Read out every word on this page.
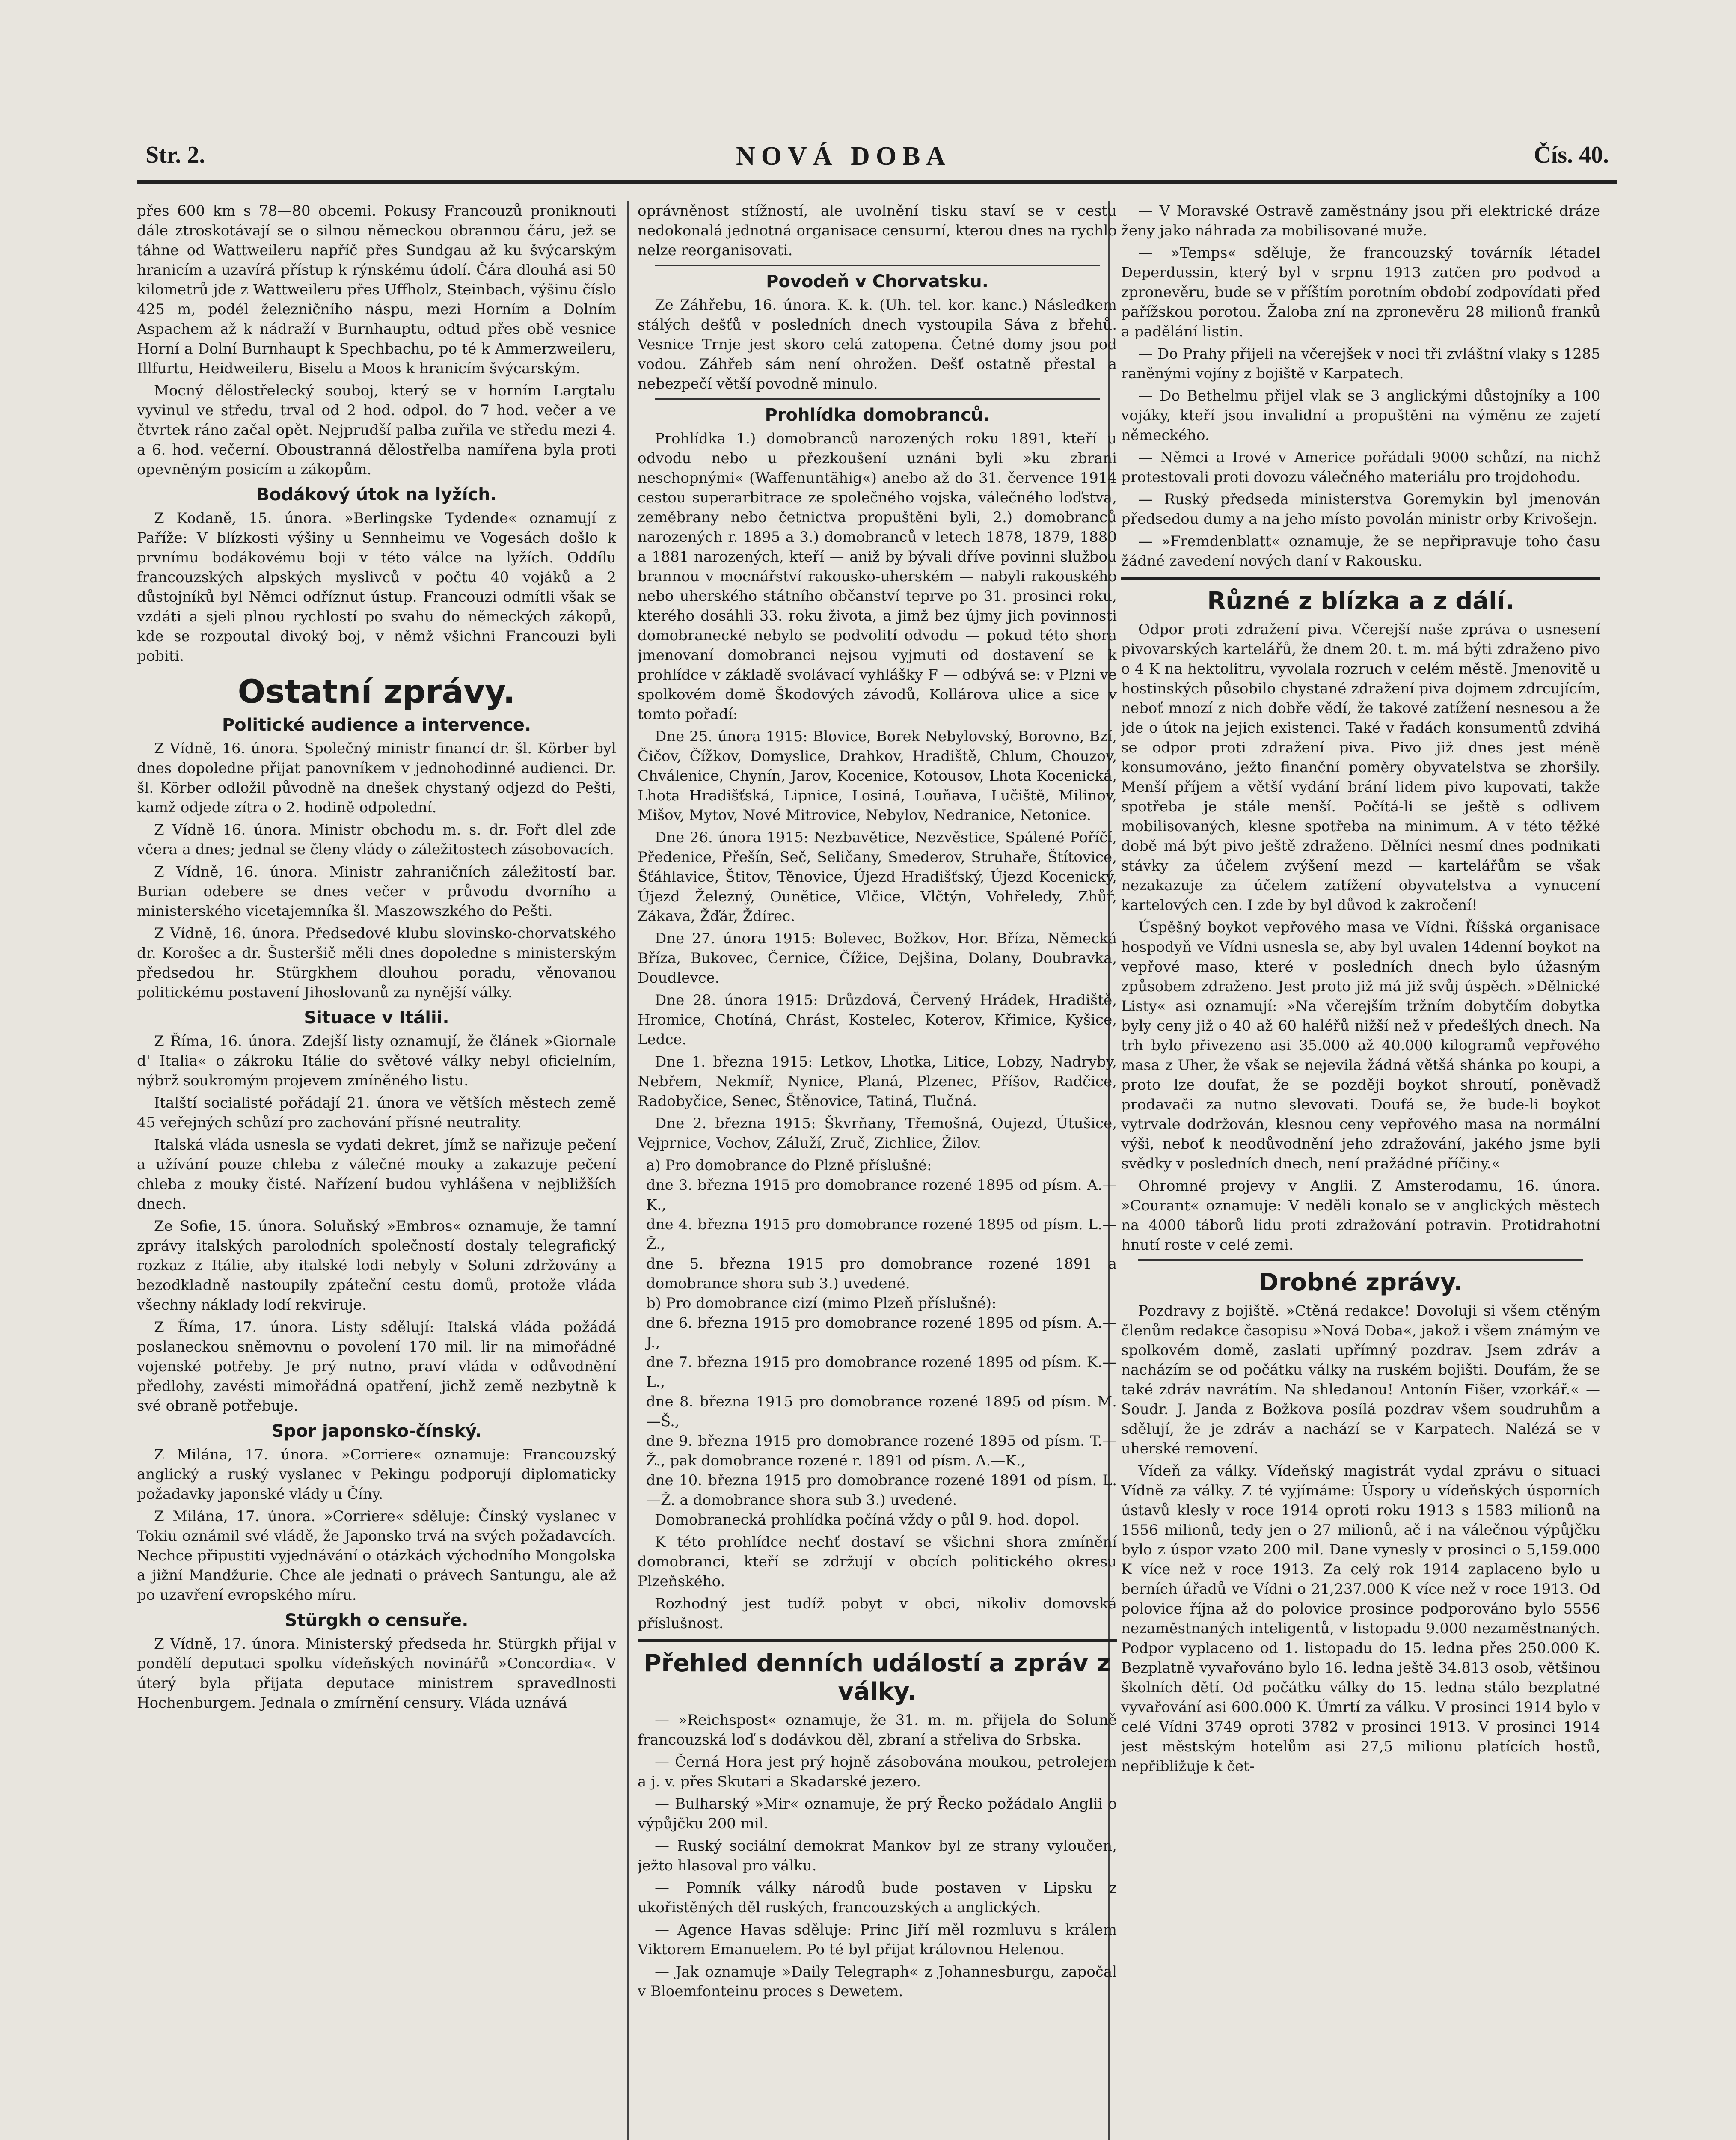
Str. 2.	NOVÁ DOBA	Čís. 40.

přes 600 km s 78—80 obcemi. Pokusy Francouzů proniknouti dále ztroskotávají se o silnou německou obrannou čáru, jež se táhne od Wattweileru napříč přes Sundgau až ku švýcarským hranicím a uzavírá přístup k rýnskému údolí. Čára dlouhá asi 50 kilometrů jde z Wattweileru přes Uffholz, Steinbach, výšinu číslo 425 m, podél železničního náspu, mezi Horním a Dolním Aspachem až k nádraží v Burnhauptu, odtud přes obě vesnice Horní a Dolní Burnhaupt k Spechbachu, po té k Ammerzweileru, Illfurtu, Heidweileru, Biselu a Moos k hranicím švýcarským.

Mocný dělostřelecký souboj, který se v horním Largtalu vyvinul ve středu, trval od 2 hod. odpol. do 7 hod. večer a ve čtvrtek ráno začal opět. Nejprudší palba zuřila ve středu mezi 4. a 6. hod. večerní. Oboustranná dělostřelba namířena byla proti opevněným posicím a zákopům.

Bodákový útok na lyžích.

Z Kodaně, 15. února. »Berlingske Tydende« oznamují z Paříže: V blízkosti výšiny u Sennheimu ve Vogesách došlo k prvnímu bodákovému boji v této válce na lyžích. Oddílu francouzských alpských myslivců v počtu 40 vojáků a 2 důstojníků byl Němci odříznut ústup. Francouzi odmítli však se vzdáti a sjeli plnou rychlostí po svahu do německých zákopů, kde se rozpoutal divoký boj, v němž všichni Francouzi byli pobiti.

Ostatní zprávy.
Politické audience a intervence.

Z Vídně, 16. února. Společný ministr financí dr. šl. Körber byl dnes dopoledne přijat panovníkem v jednohodinné audienci. Dr. šl. Körber odložil původně na dnešek chystaný odjezd do Pešti, kamž odjede zítra o 2. hodině odpolední.

Z Vídně 16. února. Ministr obchodu m. s. dr. Fořt dlel zde včera a dnes; jednal se členy vlády o záležitostech zásobovacích.

Z Vídně, 16. února. Ministr zahraničních záležitostí bar. Burian odebere se dnes večer v průvodu dvorního a ministerského vicetajemníka šl. Maszowszkého do Pešti.

Z Vídně, 16. února. Předsedové klubu slovinsko-chorvatského dr. Korošec a dr. Šusteršič měli dnes dopoledne s ministerským předsedou hr. Stürgkhem dlouhou poradu, věnovanou politickému postavení Jihoslovanů za nynější války.

Situace v Itálii.

Z Říma, 16. února. Zdejší listy oznamují, že článek »Giornale d' Italia« o zákroku Itálie do světové války nebyl oficielním, nýbrž soukromým projevem zmíněného listu.

Italští socialisté pořádají 21. února ve větších městech země 45 veřejných schůzí pro zachování přísné neutrality.

Italská vláda usnesla se vydati dekret, jímž se nařizuje pečení a užívání pouze chleba z válečné mouky a zakazuje pečení chleba z mouky čisté. Nařízení budou vyhlášena v nejbližších dnech.

Ze Sofie, 15. února. Soluňský »Embros« oznamuje, že tamní zprávy italských parolodních společností dostaly telegrafický rozkaz z Itálie, aby italské lodi nebyly v Soluni zdržovány a bezodkladně nastoupily zpáteční cestu domů, protože vláda všechny náklady lodí rekviruje.

Z Říma, 17. února. Listy sdělují: Italská vláda požádá poslaneckou sněmovnu o povolení 170 mil. lir na mimořádné vojenské potřeby. Je prý nutno, praví vláda v odůvodnění předlohy, zavésti mimořádná opatření, jichž země nezbytně k své obraně potřebuje.

Spor japonsko-čínský.

Z Milána, 17. února. »Corriere« oznamuje: Francouzský anglický a ruský vyslanec v Pekingu podporují diplomaticky požadavky japonské vlády u Číny.

Z Milána, 17. února. »Corriere« sděluje: Čínský vyslanec v Tokiu oznámil své vládě, že Japonsko trvá na svých požadavcích. Nechce připustiti vyjednávání o otázkách východního Mongolska a jižní Mandžurie. Chce ale jednati o právech Santungu, ale až po uzavření evropského míru.

Stürgkh o censuře.

Z Vídně, 17. února. Ministerský předseda hr. Stürgkh přijal v pondělí deputaci spolku vídeňských novinářů »Concordia«. V úterý byla přijata deputace ministrem spravedlnosti Hochenburgem. Jednala o zmírnění censury. Vláda uznává

oprávněnost stížností, ale uvolnění tisku staví se v cestu nedokonalá jednotná organisace censurní, kterou dnes na rychlo nelze reorganisovati.

Povodeň v Chorvatsku.

Ze Záhřebu, 16. února. K. k. (Uh. tel. kor. kanc.) Následkem stálých dešťů v posledních dnech vystoupila Sáva z břehů. Vesnice Trnje jest skoro celá zatopena. Četné domy jsou pod vodou. Záhřeb sám není ohrožen. Dešť ostatně přestal a nebezpečí větší povodně minulo.

Prohlídka domobranců.

Prohlídka 1.) domobranců narozených roku 1891, kteří u odvodu nebo u přezkoušení uznáni byli »ku zbrani neschopnými« (Waffenuntähig«) anebo až do 31. července 1914 cestou superarbitrace ze společného vojska, válečného loďstva, zeměbrany nebo četnictva propuštěni byli, 2.) domobranců narozených r. 1895 a 3.) domobranců v letech 1878, 1879, 1880 a 1881 narozených, kteří — aniž by bývali dříve povinni službou brannou v mocnářství rakousko-uherském — nabyli rakouského nebo uherského státního občanství teprve po 31. prosinci roku, kterého dosáhli 33. roku života, a jimž bez újmy jich povinnosti domobranecké nebylo se podvolití odvodu — pokud této shora jmenovaní domobranci nejsou vyjmuti od dostavení se k prohlídce v základě svolávací vyhlášky F — odbývá se: v Plzni ve spolkovém domě Škodových závodů, Kollárova ulice a sice v tomto pořadí:

Dne 25. února 1915: Blovice, Borek Nebylovský, Borovno, Bzí, Čičov, Čížkov, Domyslice, Drahkov, Hradiště, Chlum, Chouzov, Chválenice, Chynín, Jarov, Kocenice, Kotousov, Lhota Kocenická, Lhota Hradišťská, Lipnice, Losiná, Louňava, Lučiště, Milinov, Mišov, Mytov, Nové Mitrovice, Nebylov, Nedranice, Netonice.

Dne 26. února 1915: Nezbavětice, Nezvěstice, Spálené Poříčí, Předenice, Přešín, Seč, Seličany, Smederov, Struhaře, Štítovice, Šťáhlavice, Štitov, Těnovice, Újezd Hradišťský, Újezd Kocenický, Újezd Železný, Ouněticе, Vlčice, Vlčtýn, Vohřeledy, Zhůř, Zákava, Žďár, Ždírec.

Dne 27. února 1915: Bolevec, Božkov, Hor. Bříza, Německá Bříza, Bukovec, Černice, Čížice, Dejšina, Dolany, Doubravka, Doudlevce.

Dne 28. února 1915: Drůzdová, Červený Hrádek, Hradiště, Hromice, Chotíná, Chrást, Kostelec, Koterov, Křimice, Kyšice, Ledce.

Dne 1. března 1915: Letkov, Lhotka, Litice, Lobzy, Nadryby, Nebřem, Nekmíř, Nynice, Planá, Plzenec, Příšov, Radčice, Radobyčice, Senec, Štěnovice, Tatiná, Tlučná.

Dne 2. března 1915: Škvrňany, Třemošná, Oujezd, Útušice, Vejprnice, Vochov, Záluží, Zruč, Zichlice, Žilov.

a) Pro domobrance do Plzně příslušné:
dne 3. března 1915 pro domobrance rozené 1895 od písm. A.—K.,
dne 4. března 1915 pro domobrance rozené 1895 od písm. L.—Ž.,
dne 5. března 1915 pro domobrance rozené 1891 a domobrance shora sub 3.) uvedené.
b) Pro domobrance cizí (mimo Plzeň příslušné):
dne 6. března 1915 pro domobrance rozené 1895 od písm. A.—J.,
dne 7. března 1915 pro domobrance rozené 1895 od písm. K.—L.,
dne 8. března 1915 pro domobrance rozené 1895 od písm. M.—Š.,
dne 9. března 1915 pro domobrance rozené 1895 od písm. T.—Ž., pak domobrance rozené r. 1891 od písm. A.—K.,
dne 10. března 1915 pro domobrance rozené 1891 od písm. L.—Ž. a domobrance shora sub 3.) uvedené.

Domobranecká prohlídka počíná vždy o půl 9. hod. dopol.

K této prohlídce nechť dostaví se všichni shora zmínění domobranci, kteří se zdržují v obcích politického okresu Plzeňského.

Rozhodný jest tudíž pobyt v obci, nikoliv domovská příslušnost.

Přehled denních událostí a zpráv z války.

— »Reichspost« oznamuje, že 31. m. m. přijela do Soluně francouzská loď s dodávkou děl, zbraní a střeliva do Srbska.

— Černá Hora jest prý hojně zásobována moukou, petrolejem a j. v. přes Skutari a Skadarské jezero.

— Bulharský »Mir« oznamuje, že prý Řecko požádalo Anglii o výpůjčku 200 mil.

— Ruský sociální demokrat Mankov byl ze strany vyloučen, ježto hlasoval pro válku.

— Pomník války národů bude postaven v Lipsku z ukořistěných děl ruských, francouzských a anglických.

— Agence Havas sděluje: Princ Jiří měl rozmluvu s králem Viktorem Emanuelem. Po té byl přijat královnou Helenou.

— Jak oznamuje »Daily Telegraph« z Johannesburgu, započal v Bloemfonteinu proces s Dewetem.

— V Moravské Ostravě zaměstnány jsou při elektrické dráze ženy jako náhrada za mobilisované muže.

— »Temps« sděluje, že francouzský továrník létadel Deperdussin, který byl v srpnu 1913 zatčen pro podvod a zpronevěru, bude se v příštím porotním období zodpovídati před pařížskou porotou. Žaloba zní na zpronevěru 28 milionů franků a padělání listin.

— Do Prahy přijeli na včerejšek v noci tři zvláštní vlaky s 1285 raněnými vojíny z bojiště v Karpatech.

— Do Bethelmu přijel vlak se 3 anglickými důstojníky a 100 vojáky, kteří jsou invalidní a propuštěni na výměnu ze zajetí německého.

— Němci a Irové v Americe pořádali 9000 schůzí, na nichž protestovali proti dovozu válečného materiálu pro trojdohodu.

— Ruský předseda ministerstva Goremykin byl jmenován předsedou dumy a na jeho místo povolán ministr orby Krivošejn.

— »Fremdenblatt« oznamuje, že se nepřipravuje toho času žádné zavedení nových daní v Rakousku.

Různé z blízka a z dálí.

Odpor proti zdražení piva. Včerejší naše zpráva o usnesení pivovarských kartelářů, že dnem 20. t. m. má býti zdraženo pivo o 4 K na hektolitru, vyvolala rozruch v celém městě. Jmenovitě u hostinských působilo chystané zdražení piva dojmem zdrcujícím, neboť mnozí z nich dobře vědí, že takové zatížení nesnesou a že jde o útok na jejich existenci. Také v řadách konsumentů zdvihá se odpor proti zdražení piva. Pivo již dnes jest méně konsumováno, ježto finanční poměry obyvatelstva se zhoršily. Menší příjem a větší vydání brání lidem pivo kupovati, takže spotřeba je stále menší. Počítá-li se ještě s odlivem mobilisovaných, klesne spotřeba na minimum. A v této těžké době má být pivo ještě zdraženo. Dělníci nesmí dnes podnikati stávky za účelem zvýšení mezd — kartelářům se však nezakazuje za účelem zatížení obyvatelstva a vynucení kartelových cen. I zde by byl důvod k zakročení!

Úspěšný boykot vepřového masa ve Vídni. Říšská organisace hospodyň ve Vídni usnesla se, aby byl uvalen 14denní boykot na vepřové maso, které v posledních dnech bylo úžasným způsobem zdraženo. Jest proto již má již svůj úspěch. »Dělnické Listy« asi oznamují: »Na včerejším tržním dobytčím dobytka byly ceny již o 40 až 60 haléřů nižší než v předešlých dnech. Na trh bylo přivezeno asi 35.000 až 40.000 kilogramů vepřového masa z Uher, že však se nejevila žádná většá shánka po koupi, a proto lze doufat, že se později boykot shroutí, poněvadž prodavači za nutno slevovati. Doufá se, že bude-li boykot vytrvale dodržován, klesnou ceny vepřového masa na normální výši, neboť k neodůvodnění jeho zdražování, jakého jsme byli svědky v posledních dnech, není pražádné příčiny.«

Ohromné projevy v Anglii. Z Amsterodamu, 16. února. »Courant« oznamuje: V neděli konalo se v anglických městech na 4000 táborů lidu proti zdražování potravin. Protidrahotní hnutí roste v celé zemi.

Drobné zprávy.

Pozdravy z bojiště. »Ctěná redakce! Dovoluji si všem ctěným členům redakce časopisu »Nová Doba«, jakož i všem známým ve spolkovém domě, zaslati upřímný pozdrav. Jsem zdráv a nacházím se od počátku války na ruském bojišti. Doufám, že se také zdráv navrátím. Na shledanou! Antonín Fišer, vzorkář.« — Soudr. J. Janda z Božkova posílá pozdrav všem soudruhům a sdělují, že je zdráv a nachází se v Karpatech. Nalézá se v uherské removení.

Vídeň za války. Vídeňský magistrát vydal zprávu o situaci Vídně za války. Z té vyjímáme: Úspory u vídeňských úsporních ústavů klesly v roce 1914 oproti roku 1913 s 1583 milionů na 1556 milionů, tedy jen o 27 milionů, ač i na válečnou výpůjčku bylo z úspor vzato 200 mil. Dane vynesly v prosinci o 5,159.000 K více než v roce 1913. Za celý rok 1914 zaplaceno bylo u berních úřadů ve Vídni o 21,237.000 K více než v roce 1913. Od polovice října až do polovice prosince podporováno bylo 5556 nezaměstnaných inteligentů, v listopadu 9.000 nezaměstnaných. Podpor vyplaceno od 1. listopadu do 15. ledna přes 250.000 K. Bezplatně vyvařováno bylo 16. ledna ještě 34.813 osob, většinou školních dětí. Od počátku války do 15. ledna stálo bezplatné vyvařování asi 600.000 K. Úmrtí za válku. V prosinci 1914 bylo v celé Vídni 3749 oproti 3782 v prosinci 1913. V prosinci 1914 jest městským hotelům asi 27,5 milionu platících hostů, nepřibližuje k čet-
